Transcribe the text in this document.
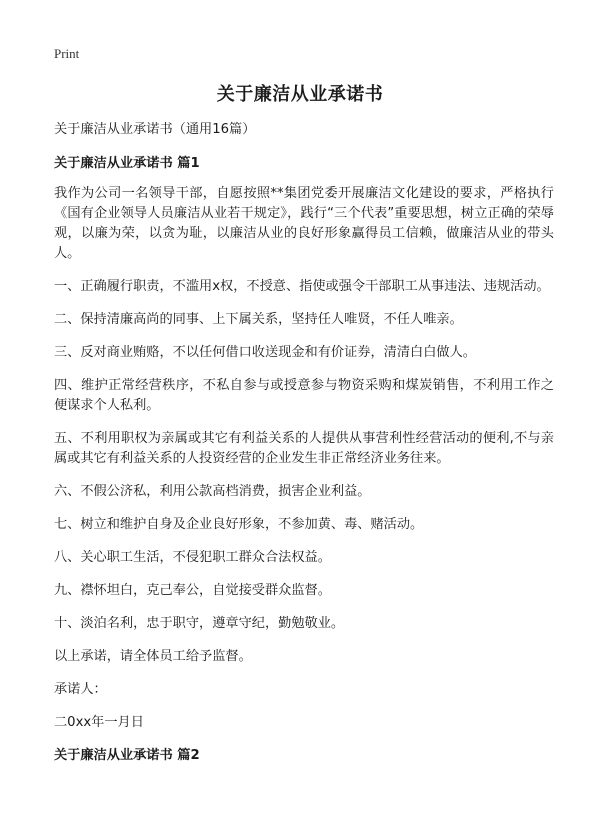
Print
关于廉洁从业承诺书

关于廉洁从业承诺书（通用16篇）

关于廉洁从业承诺书 篇1

我作为公司一名领导干部，自愿按照**集团党委开展廉洁文化建设的要求，严格执行《国有企业领导人员廉洁从业若干规定》，践行“三个代表”重要思想，树立正确的荣辱观，以廉为荣，以贪为耻，以廉洁从业的良好形象赢得员工信赖，做廉洁从业的带头人。

一、正确履行职责，不滥用x权，不授意、指使或强令干部职工从事违法、违规活动。

二、保持清廉高尚的同事、上下属关系，坚持任人唯贤，不任人唯亲。

三、反对商业贿赂，不以任何借口收送现金和有价证券，清清白白做人。

四、维护正常经营秩序，不私自参与或授意参与物资采购和煤炭销售，不利用工作之便谋求个人私利。

五、不利用职权为亲属或其它有利益关系的人提供从事营利性经营活动的便利,不与亲属或其它有利益关系的人投资经营的企业发生非正常经济业务往来。

六、不假公济私，利用公款高档消费，损害企业利益。

七、树立和维护自身及企业良好形象，不参加黄、毒、赌活动。

八、关心职工生活，不侵犯职工群众合法权益。

九、襟怀坦白，克己奉公，自觉接受群众监督。

十、淡泊名利，忠于职守，遵章守纪，勤勉敬业。

以上承诺，请全体员工给予监督。

承诺人：

二0xx年一月日

关于廉洁从业承诺书 篇2
